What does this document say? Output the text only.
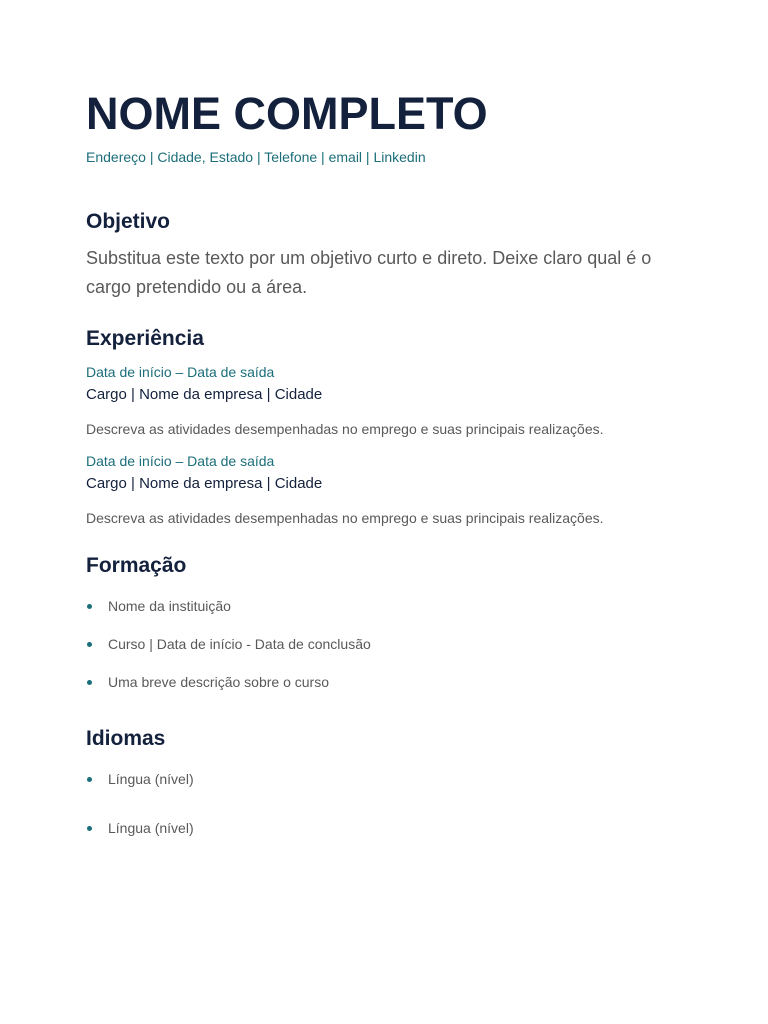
NOME COMPLETO
Endereço | Cidade, Estado | Telefone | email | Linkedin
Objetivo
Substitua este texto por um objetivo curto e direto. Deixe claro qual é o cargo pretendido ou a área.
Experiência
Data de início – Data de saída
Cargo | Nome da empresa | Cidade
Descreva as atividades desempenhadas no emprego e suas principais realizações.
Data de início – Data de saída
Cargo | Nome da empresa | Cidade
Descreva as atividades desempenhadas no emprego e suas principais realizações.
Formação
Nome da instituição
Curso | Data de início - Data de conclusão
Uma breve descrição sobre o curso
Idiomas
Língua (nível)
Língua (nível)
